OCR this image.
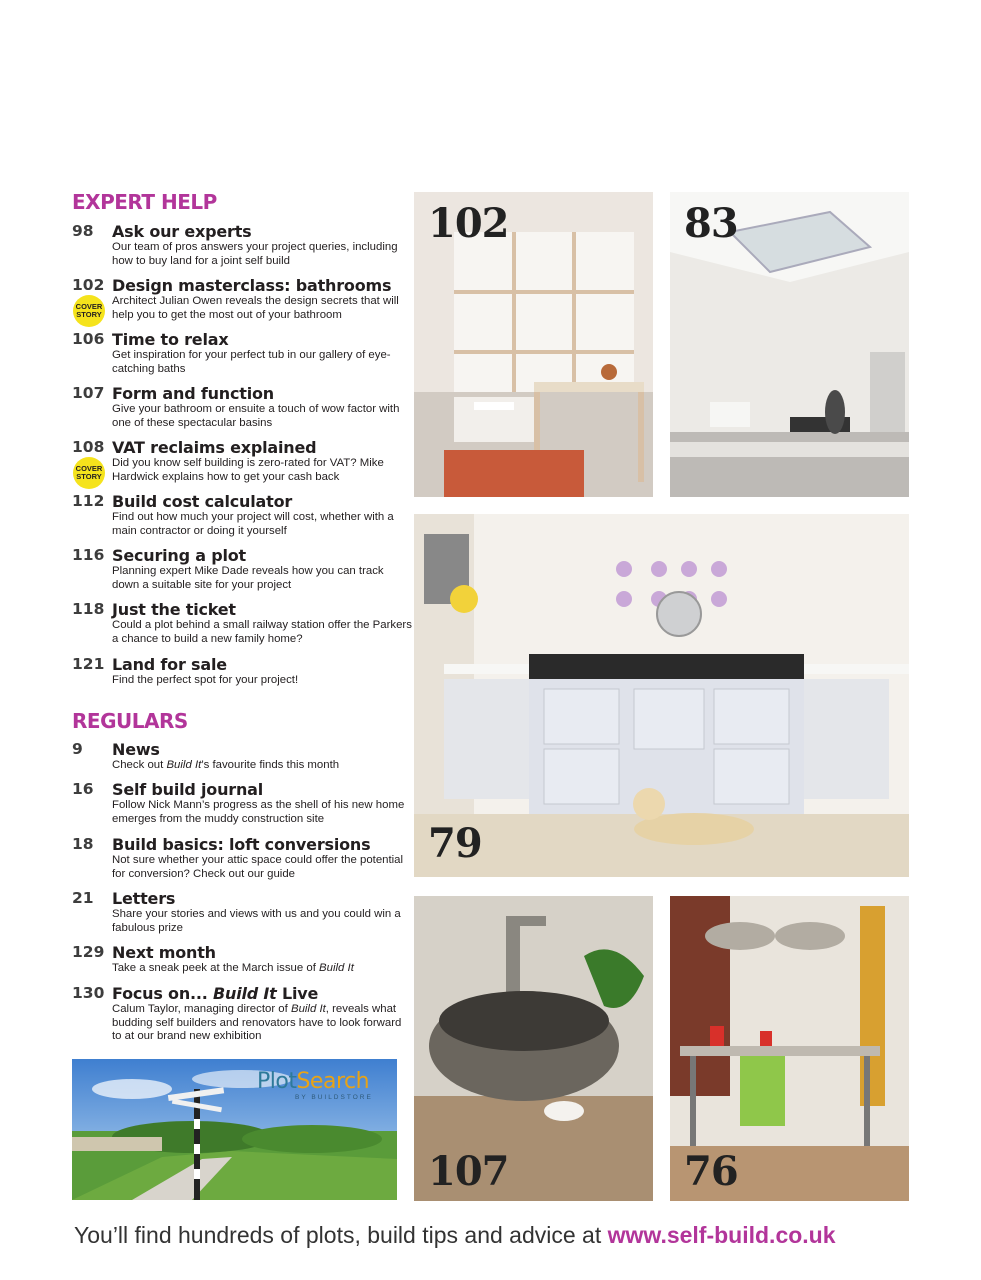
EXPERT HELP
98	Ask our experts
Our team of pros answers your project queries, including how to buy land for a joint self build
102 Design masterclass: bathrooms
COVER STORY
Architect Julian Owen reveals the design secrets that will help you to get the most out of your bathroom
106 Time to relax
Get inspiration for your perfect tub in our gallery of eye-catching baths
107 Form and function
Give your bathroom or ensuite a touch of wow factor with one of these spectacular basins
108 VAT reclaims explained
COVER STORY
Did you know self building is zero-rated for VAT? Mike Hardwick explains how to get your cash back
112 Build cost calculator
Find out how much your project will cost, whether with a main contractor or doing it yourself
116 Securing a plot
Planning expert Mike Dade reveals how you can track down a suitable site for your project
118 Just the ticket
Could a plot behind a small railway station offer the Parkers a chance to build a new family home?
121 Land for sale
Find the perfect spot for your project!
REGULARS
9	News
Check out Build It’s favourite finds this month
16	Self build journal
Follow Nick Mann’s progress as the shell of his new home emerges from the muddy construction site
18	Build basics: loft conversions
Not sure whether your attic space could offer the potential for conversion? Check out our guide
21	Letters
Share your stories and views with us and you could win a fabulous prize
129 Next month
Take a sneak peek at the March issue of Build It
130 Focus on... Build It Live
Calum Taylor, managing director of Build It, reveals what budding self builders and renovators have to look forward to at our brand new exhibition
PlotSearch
BY BUILDSTORE
102	83
79
107	76
You’ll find hundreds of plots, build tips and advice at www.self-build.co.uk
